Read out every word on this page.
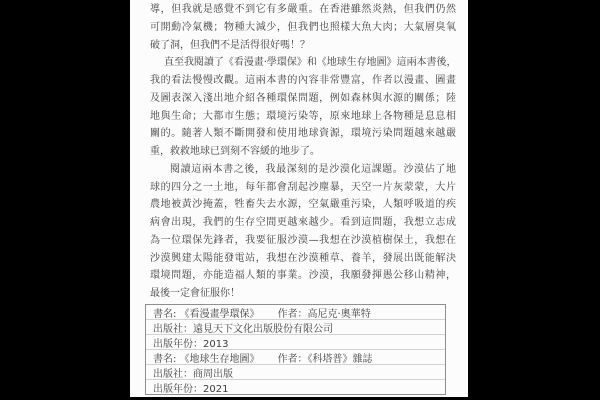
導，但我就是感覺不到它有多嚴重。在香港雖然炎熱，但我們仍然
可開動冷氣機；物種大減少，但我們也照樣大魚大肉；大氣層臭氧
破了洞，但我們不是活得很好嗎！？
直至我閱讀了《看漫畫·學環保》和《地球生存地圖》這兩本書後，
我的看法慢慢改觀。這兩本書的內容非常豐富，作者以漫畫、圖畫
及圖表深入淺出地介紹各種環保問題，例如森林與水源的關係；陸
地與生命；大都市生態；環境污染等，原來地球上各物種是息息相
關的。隨著人類不斷開發和使用地球資源，環境污染問題越來越嚴
重，救救地球已到刻不容緩的地步了。
閱讀這兩本書之後，我最深刻的是沙漠化這課題。沙漠佔了地
球的四分之一土地，每年都會刮起沙塵暴，天空一片灰蒙蒙，大片
農地被黃沙掩蓋，牲畜失去水源，空氣嚴重污染，人類呼吸道的疾
病會出現，我們的生存空間更越來越少。看到這問題，我想立志成
為一位環保先鋒者，我要征服沙漠—我想在沙漠植樹保土，我想在
沙漠興建太陽能發電站，我想在沙漠種草、養羊，發展出既能解決
環境問題，亦能造福人類的事業。沙漠，我願發揮愚公移山精神，
最後一定會征服你！
書名: 《看漫畫學環保》 作者：高尼克·奧華特
出版社：遠見天下文化出版股份有限公司
出版年份：2013
書名: 《地球生存地圖》 作者：《科塔普》雜誌
出版社：商周出版
出版年份：2021
